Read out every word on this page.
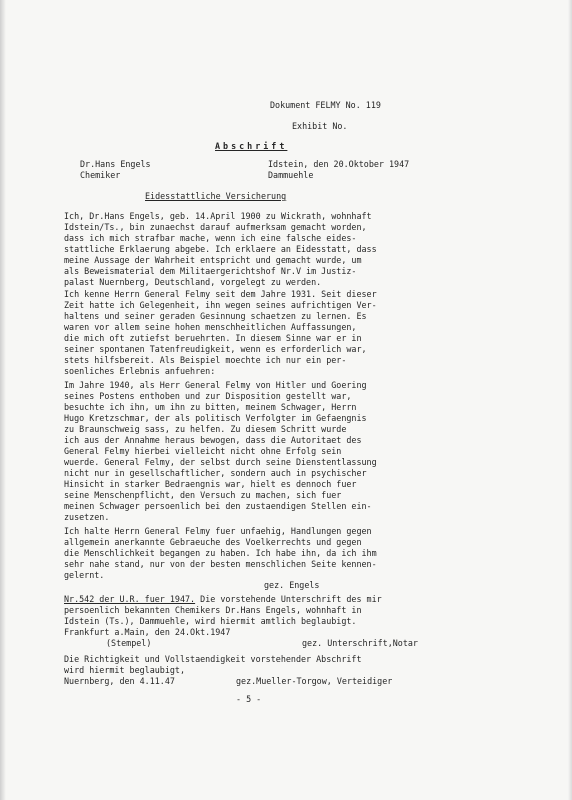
Dokument FELMY No. 119
Exhibit No.
Abschrift
Dr.Hans Engels
Chemiker
Idstein, den 20.Oktober 1947
Dammuehle
Eidesstattliche Versicherung
Ich, Dr.Hans Engels, geb. 14.April 1900 zu Wickrath, wohnhaft
Idstein/Ts., bin zunaechst darauf aufmerksam gemacht worden,
dass ich mich strafbar mache, wenn ich eine falsche eides-
stattliche Erklaerung abgebe. Ich erklaere an Eidesstatt, dass
meine Aussage der Wahrheit entspricht und gemacht wurde, um
als Beweismaterial dem Militaergerichtshof Nr.V im Justiz-
palast Nuernberg, Deutschland, vorgelegt zu werden.
Ich kenne Herrn General Felmy seit dem Jahre 1931. Seit dieser
Zeit hatte ich Gelegenheit, ihn wegen seines aufrichtigen Ver-
haltens und seiner geraden Gesinnung schaetzen zu lernen. Es
waren vor allem seine hohen menschheitlichen Auffassungen,
die mich oft zutiefst beruehrten. In diesem Sinne war er in
seiner spontanen Tatenfreudigkeit, wenn es erforderlich war,
stets hilfsbereit. Als Beispiel moechte ich nur ein per-
soenliches Erlebnis anfuehren:
Im Jahre 1940, als Herr General Felmy von Hitler und Goering
seines Postens enthoben und zur Disposition gestellt war,
besuchte ich ihn, um ihn zu bitten, meinem Schwager, Herrn
Hugo Kretzschmar, der als politisch Verfolgter im Gefaengnis
zu Braunschweig sass, zu helfen. Zu diesem Schritt wurde
ich aus der Annahme heraus bewogen, dass die Autoritaet des
General Felmy hierbei vielleicht nicht ohne Erfolg sein
wuerde. General Felmy, der selbst durch seine Dienstentlassung
nicht nur in gesellschaftlicher, sondern auch in psychischer
Hinsicht in starker Bedraengnis war, hielt es dennoch fuer
seine Menschenpflicht, den Versuch zu machen, sich fuer
meinen Schwager persoenlich bei den zustaendigen Stellen ein-
zusetzen.
Ich halte Herrn General Felmy fuer unfaehig, Handlungen gegen
allgemein anerkannte Gebraeuche des Voelkerrechts und gegen
die Menschlichkeit begangen zu haben. Ich habe ihn, da ich ihm
sehr nahe stand, nur von der besten menschlichen Seite kennen-
gelernt.
Nr.542 der U.R. fuer 1947. Die vorstehende Unterschrift des mir
persoenlich bekannten Chemikers Dr.Hans Engels, wohnhaft in
Idstein (Ts.), Dammuehle, wird hiermit amtlich beglaubigt.
Frankfurt a.Main, den 24.Okt.1947
Die Richtigkeit und Vollstaendigkeit vorstehender Abschrift
wird hiermit beglaubigt,
gez. Engels
(Stempel)	gez. Unterschrift,Notar
Nuernberg, den 4.11.47	gez.Mueller-Torgow, Verteidiger
- 5 -
